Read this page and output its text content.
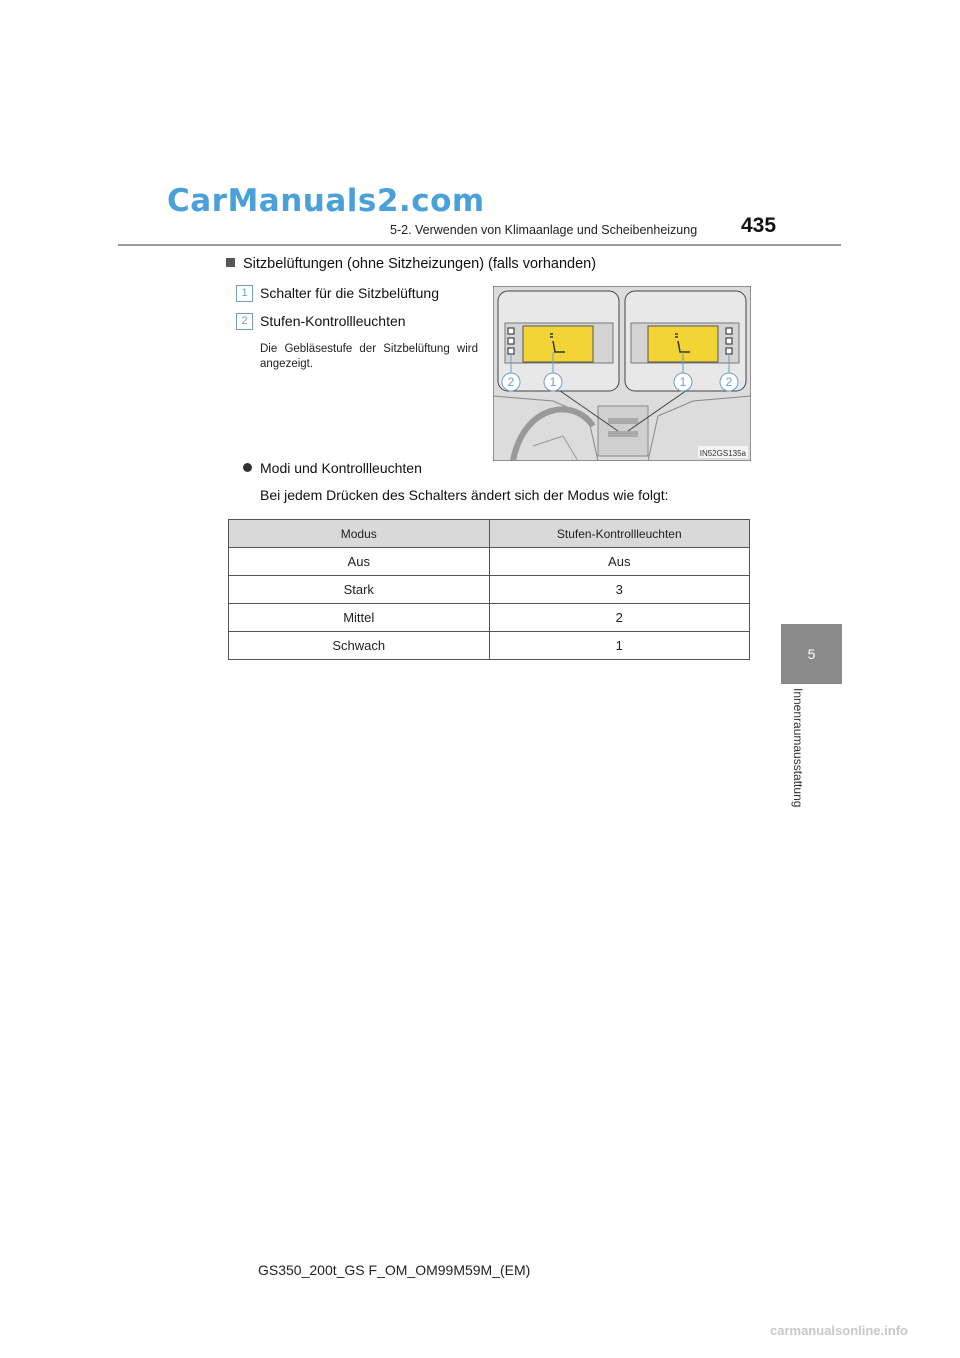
CarManuals2.com
435
5-2. Verwenden von Klimaanlage und Scheibenheizung
5
Innenraumausstattung
Sitzbelüftungen (ohne Sitzheizungen) (falls vorhanden)
1 Schalter für die Sitzbelüftung
2 Stufen-Kontrollleuchten
Die Gebläsestufe der Sitzbelüftung wird angezeigt.
2	1	1	2
IN52GS135a
Modi und Kontrollleuchten
Bei jedem Drücken des Schalters ändert sich der Modus wie folgt:
Modus	Stufen-Kontrollleuchten
Aus	Aus
Stark	3
Mittel	2
Schwach	1
GS350_200t_GS F_OM_OM99M59M_(EM)
carmanualsonline.info
